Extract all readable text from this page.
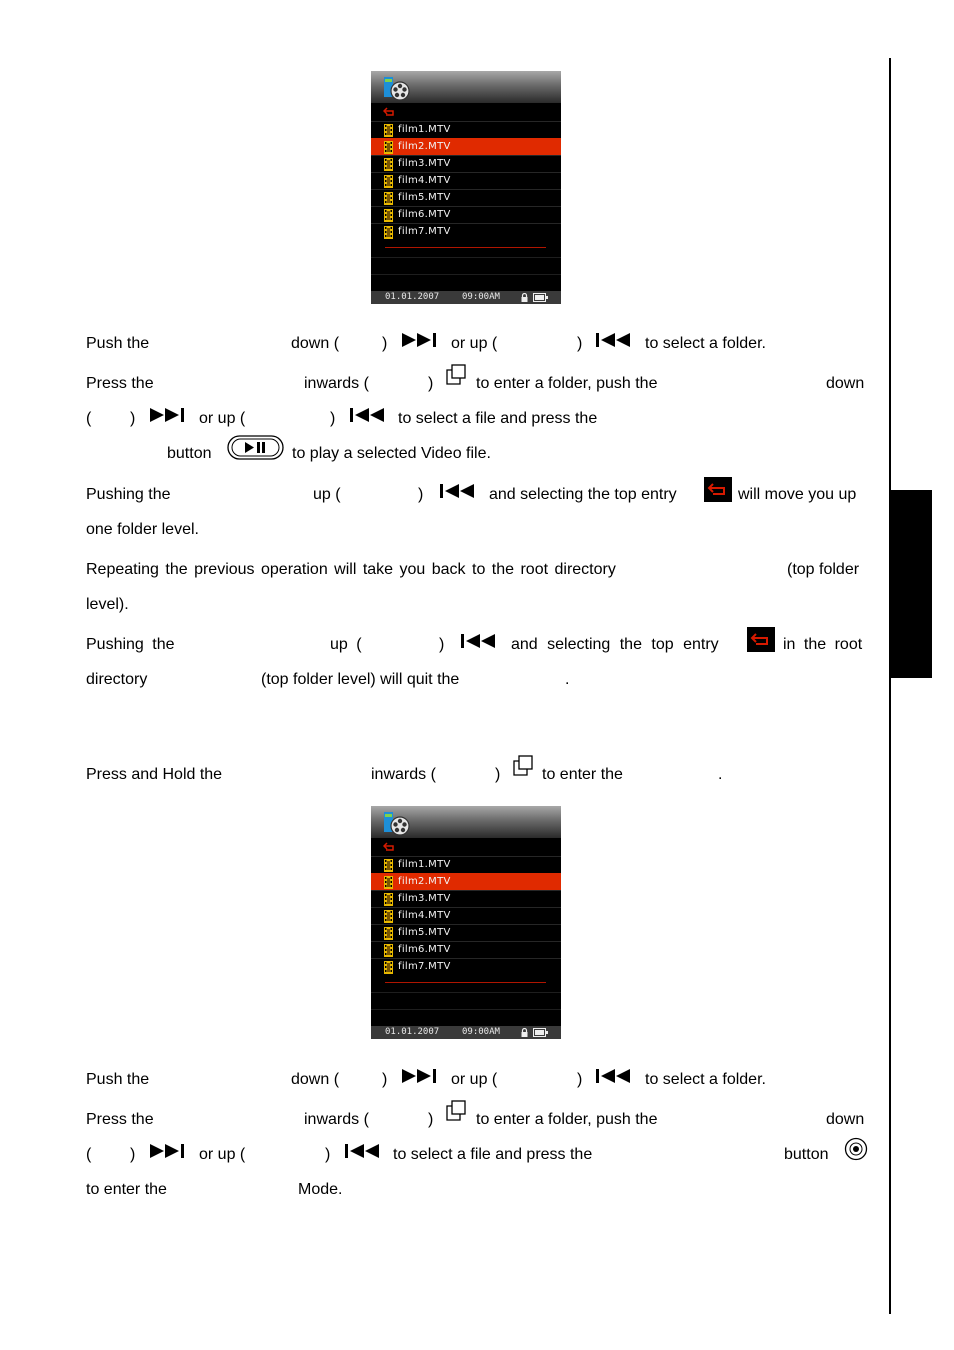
film1.MTV
film2.MTV
film3.MTV
film4.MTV
film5.MTV
film6.MTV
film7.MTV
01.01.2007	09:00AM
film1.MTV
film2.MTV
film3.MTV
film4.MTV
film5.MTV
film6.MTV
film7.MTV
01.01.2007	09:00AM
Push the	down (	)	or up (	)	to select a folder.
Press the	inwards (	)	to enter a folder, push the	down
( )	or up (	)	to select a file and press the
button	to play a selected Video file.
Pushing the	up (	)	and selecting the top entry	will move you up
one folder level.
Repeating the previous operation will take you back to the root directory	(top folder
level).
Pushing the	up (	)	and selecting the top entry	in the root
directory	(top folder level) will quit the	.
Press and Hold the	inwards (	)	to enter the	.
Push the	down (	)	or up (	)	to select a folder.
Press the	inwards (	)	to enter a folder, push the	down
( )	or up (	)	to select a file and press the	button
to enter the	Mode.
